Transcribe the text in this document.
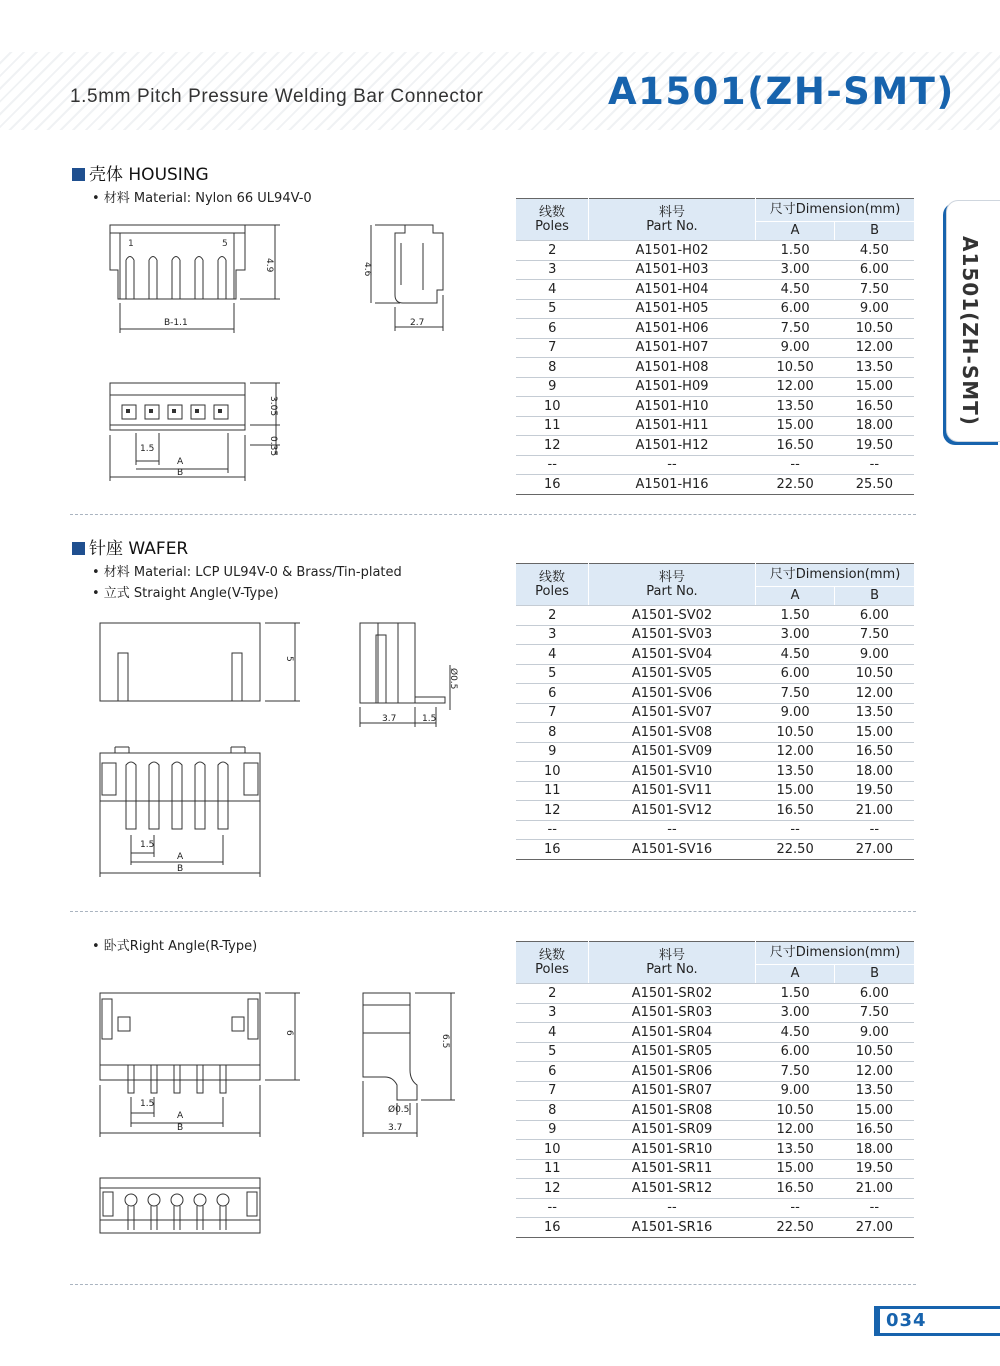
1.5mm Pitch Pressure Welding Bar Connector	A1501(ZH-SMT)
A1501(ZH-SMT)
壳体 HOUSING
• 材料 Material: Nylon 66 UL94V-0
1	5
B-1.1
4.9	4.6
2.7
1.5
A
B
3.05
0.35
线数
Poles	料号
Part No.	尺寸Dimension(mm)	
		A	B
2	A1501-H02	1.50	4.50
3	A1501-H03	3.00	6.00
4	A1501-H04	4.50	7.50
5	A1501-H05	6.00	9.00
6	A1501-H06	7.50	10.50
7	A1501-H07	9.00	12.00
8	A1501-H08	10.50	13.50
9	A1501-H09	12.00	15.00
10	A1501-H10	13.50	16.50
11	A1501-H11	15.00	18.00
12	A1501-H12	16.50	19.50
--	--	--	--
16	A1501-H16	22.50	25.50
针座 WAFER
• 材料 Material: LCP UL94V-0 & Brass/Tin-plated
• 立式 Straight Angle(V-Type)
5
Ø0.5
3.7	1.5
1.5
A
B
线数
Poles	料号
Part No.	尺寸Dimension(mm)	
		A	B
2	A1501-SV02	1.50	6.00
3	A1501-SV03	3.00	7.50
4	A1501-SV04	4.50	9.00
5	A1501-SV05	6.00	10.50
6	A1501-SV06	7.50	12.00
7	A1501-SV07	9.00	13.50
8	A1501-SV08	10.50	15.00
9	A1501-SV09	12.00	16.50
10	A1501-SV10	13.50	18.00
11	A1501-SV11	15.00	19.50
12	A1501-SV12	16.50	21.00
--	--	--	--
16	A1501-SV16	22.50	27.00
• 卧式Right Angle(R-Type)
6
1.5
A
B
6.5
Ø0.5
3.7
线数
Poles	料号
Part No.	尺寸Dimension(mm)	
		A	B
2	A1501-SR02	1.50	6.00
3	A1501-SR03	3.00	7.50
4	A1501-SR04	4.50	9.00
5	A1501-SR05	6.00	10.50
6	A1501-SR06	7.50	12.00
7	A1501-SR07	9.00	13.50
8	A1501-SR08	10.50	15.00
9	A1501-SR09	12.00	16.50
10	A1501-SR10	13.50	18.00
11	A1501-SR11	15.00	19.50
12	A1501-SR12	16.50	21.00
--	--	--	--
16	A1501-SR16	22.50	27.00
034
